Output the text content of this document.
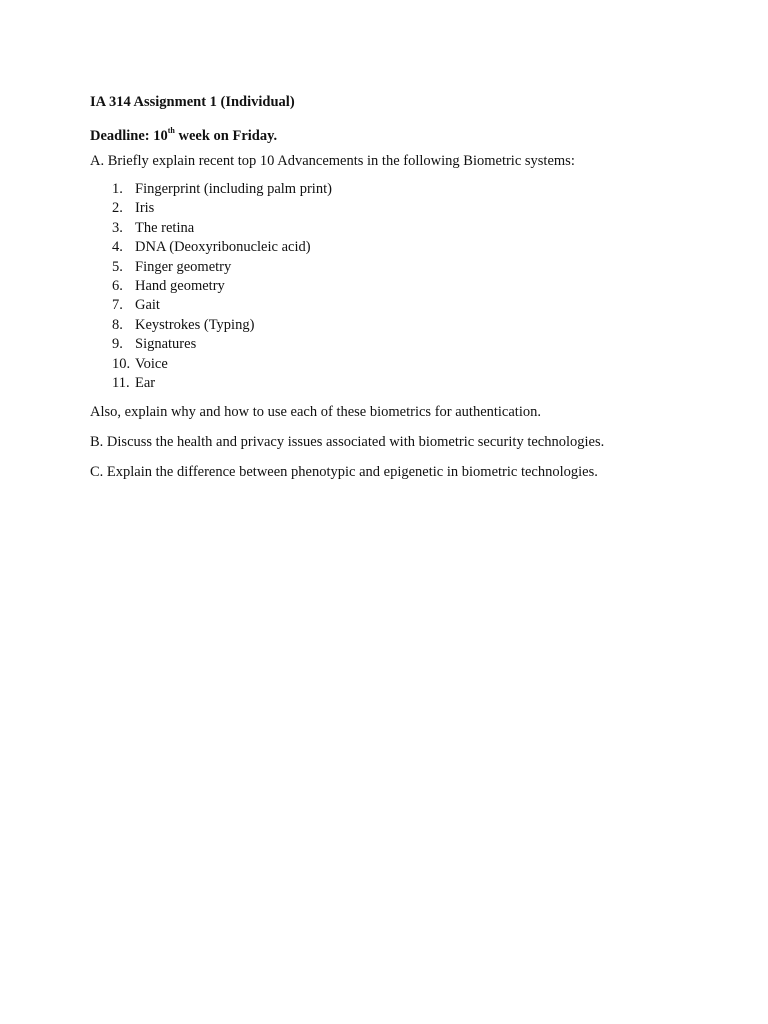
IA 314 Assignment 1 (Individual)
Deadline: 10th week on Friday.
A. Briefly explain recent top 10 Advancements in the following Biometric systems:
1. Fingerprint (including palm print)
2. Iris
3. The retina
4. DNA (Deoxyribonucleic acid)
5. Finger geometry
6. Hand geometry
7. Gait
8. Keystrokes (Typing)
9. Signatures
10. Voice
11. Ear
Also, explain why and how to use each of these biometrics for authentication.
B. Discuss the health and privacy issues associated with biometric security technologies.
C. Explain the difference between phenotypic and epigenetic in biometric technologies.
